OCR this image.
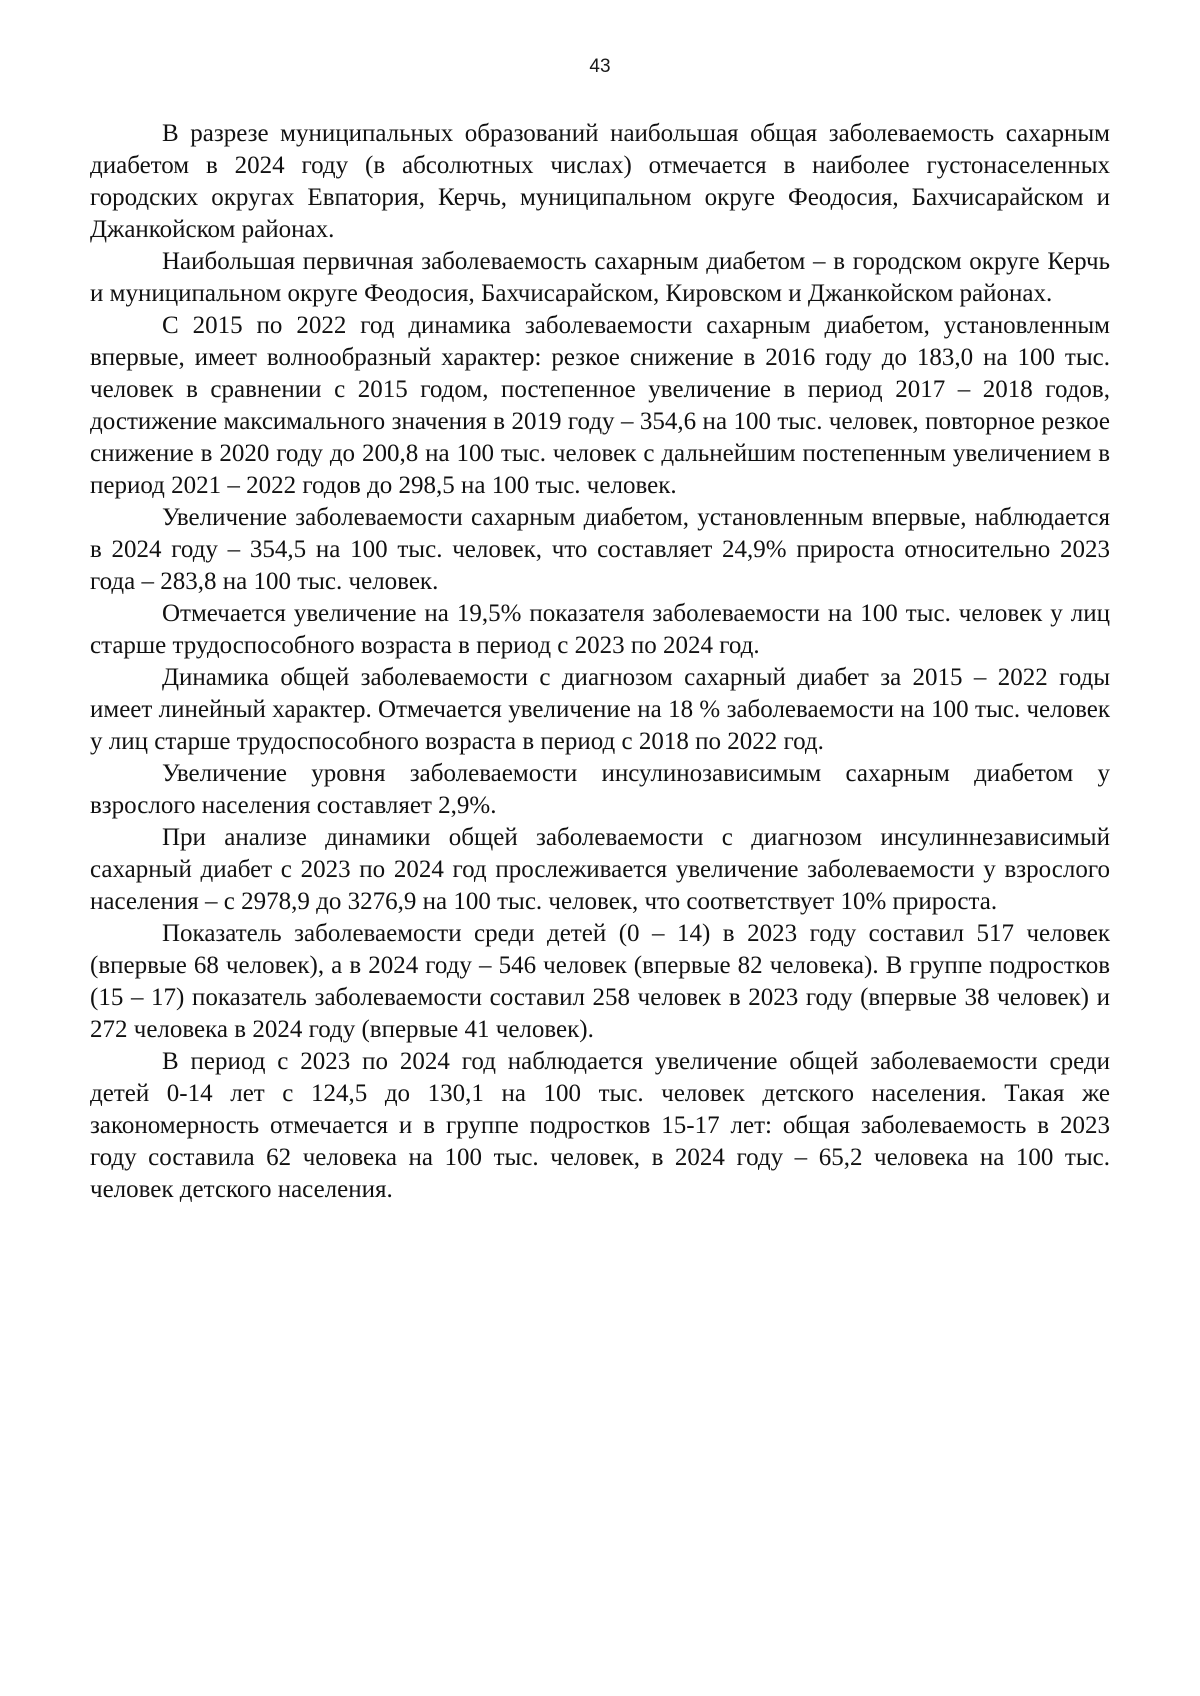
43

В разрезе муниципальных образований наибольшая общая заболеваемость сахарным диабетом в 2024 году (в абсолютных числах) отмечается в наиболее густонаселенных городских округах Евпатория, Керчь, муниципальном округе Феодосия, Бахчисарайском и Джанкойском районах.

Наибольшая первичная заболеваемость сахарным диабетом – в городском округе Керчь и муниципальном округе Феодосия, Бахчисарайском, Кировском и Джанкойском районах.

С 2015 по 2022 год динамика заболеваемости сахарным диабетом, установленным впервые, имеет волнообразный характер: резкое снижение в 2016 году до 183,0 на 100 тыс. человек в сравнении с 2015 годом, постепенное увеличение в период 2017 – 2018 годов, достижение максимального значения в 2019 году – 354,6 на 100 тыс. человек, повторное резкое снижение в 2020 году до 200,8 на 100 тыс. человек с дальнейшим постепенным увеличением в период 2021 – 2022 годов до 298,5 на 100 тыс. человек.

Увеличение заболеваемости сахарным диабетом, установленным впервые, наблюдается в 2024 году – 354,5 на 100 тыс. человек, что составляет 24,9% прироста относительно 2023 года – 283,8 на 100 тыс. человек.

Отмечается увеличение на 19,5% показателя заболеваемости на 100 тыс. человек у лиц старше трудоспособного возраста в период с 2023 по 2024 год.

Динамика общей заболеваемости с диагнозом сахарный диабет за 2015 – 2022 годы имеет линейный характер. Отмечается увеличение на 18 % заболеваемости на 100 тыс. человек у лиц старше трудоспособного возраста в период с 2018 по 2022 год.

Увеличение уровня заболеваемости инсулинозависимым сахарным диабетом у взрослого населения составляет 2,9%.

При анализе динамики общей заболеваемости с диагнозом инсулиннезависимый сахарный диабет с 2023 по 2024 год прослеживается увеличение заболеваемости у взрослого населения – с 2978,9 до 3276,9 на 100 тыс. человек, что соответствует 10% прироста.

Показатель заболеваемости среди детей (0 – 14) в 2023 году составил 517 человек (впервые 68 человек), а в 2024 году – 546 человек (впервые 82 человека). В группе подростков (15 – 17) показатель заболеваемости составил 258 человек в 2023 году (впервые 38 человек) и 272 человека в 2024 году (впервые 41 человек).

В период с 2023 по 2024 год наблюдается увеличение общей заболеваемости среди детей 0-14 лет с 124,5 до 130,1 на 100 тыс. человек детского населения. Такая же закономерность отмечается и в группе подростков 15-17 лет: общая заболеваемость в 2023 году составила 62 человека на 100 тыс. человек, в 2024 году – 65,2 человека на 100 тыс. человек детского населения.
